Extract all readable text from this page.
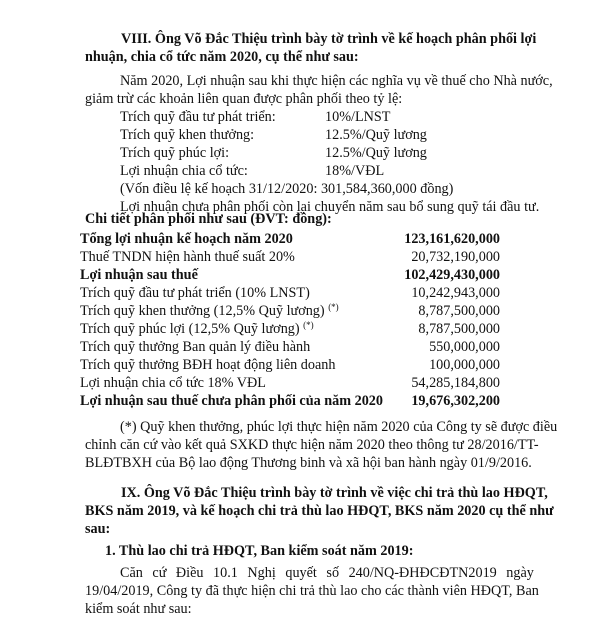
VIII. Ông Võ Đắc Thiệu trình bày tờ trình về kế hoạch phân phối lợi
nhuận, chia cổ tức năm 2020, cụ thể như sau:
Năm 2020, Lợi nhuận sau khi thực hiện các nghĩa vụ về thuế cho Nhà nước,
giảm trừ các khoản liên quan được phân phối theo tỷ lệ:
Trích quỹ đầu tư phát triển:	10%/LNST
Trích quỹ khen thưởng:	12.5%/Quỹ lương
Trích quỹ phúc lợi:	12.5%/Quỹ lương
Lợi nhuận chia cổ tức:	18%/VĐL
(Vốn điều lệ kế hoạch 31/12/2020: 301,584,360,000 đồng)
Lợi nhuận chưa phân phối còn lại chuyển năm sau bổ sung quỹ tái đầu tư.
Chi tiết phân phối như sau (ĐVT: đồng):
Tổng lợi nhuận kế hoạch năm 2020	123,161,620,000
Thuế TNDN hiện hành thuế suất 20%	20,732,190,000
Lợi nhuận sau thuế	102,429,430,000
Trích quỹ đầu tư phát triển (10% LNST)	10,242,943,000
Trích quỹ khen thưởng (12,5% Quỹ lương) (*)	8,787,500,000
Trích quỹ phúc lợi (12,5% Quỹ lương) (*)	8,787,500,000
Trích quỹ thưởng Ban quản lý điều hành	550,000,000
Trích quỹ thưởng BĐH hoạt động liên doanh	100,000,000
Lợi nhuận chia cổ tức 18% VĐL	54,285,184,800
Lợi nhuận sau thuế chưa phân phối của năm 2020 19,676,302,200
(*) Quỹ khen thưởng, phúc lợi thực hiện năm 2020 của Công ty sẽ được điều
chỉnh căn cứ vào kết quả SXKD thực hiện năm 2020 theo thông tư 28/2016/TT-
BLĐTBXH của Bộ lao động Thương binh và xã hội ban hành ngày 01/9/2016.
IX. Ông Võ Đắc Thiệu trình bày tờ trình về việc chi trả thù lao HĐQT,
BKS năm 2019, và kế hoạch chi trả thù lao HĐQT, BKS năm 2020 cụ thể như
sau:
1. Thù lao chi trả HĐQT, Ban kiểm soát năm 2019:
Căn cứ Điều 10.1 Nghị quyết số 240/NQ-ĐHĐCĐTN2019 ngày
19/04/2019, Công ty đã thực hiện chi trả thù lao cho các thành viên HĐQT, Ban
kiểm soát như sau:
